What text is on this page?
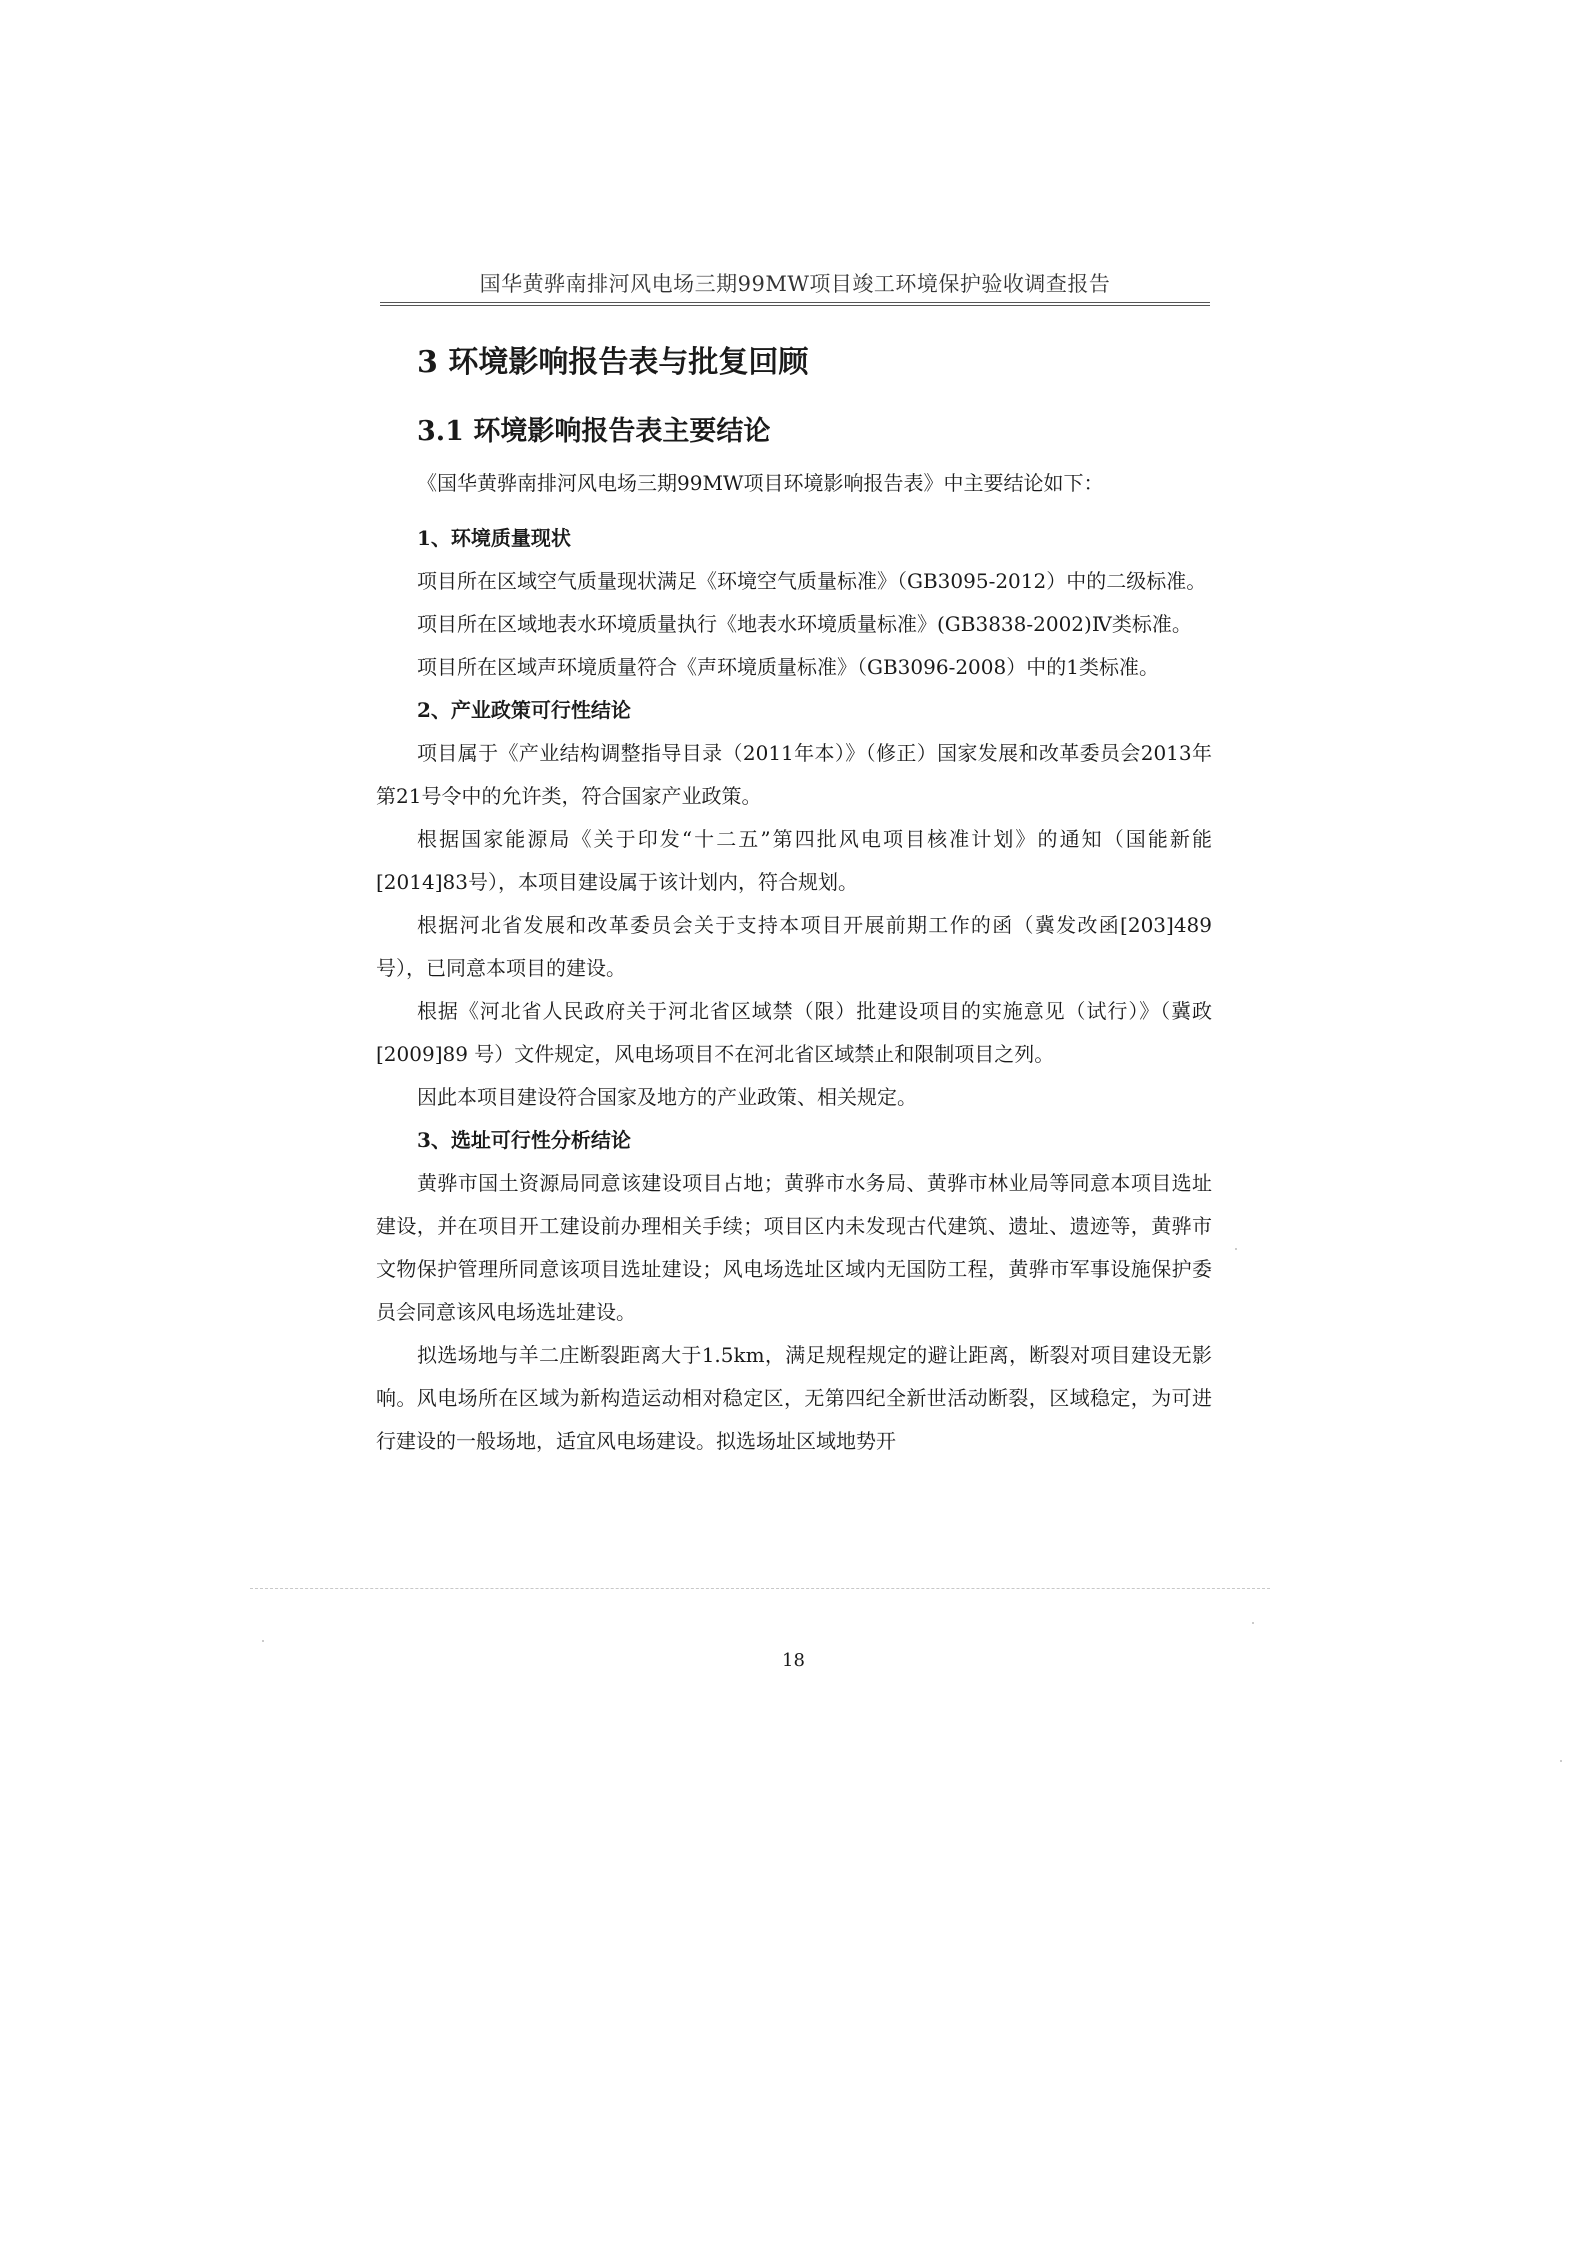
国华黄骅南排河风电场三期99MW项目竣工环境保护验收调查报告
3 环境影响报告表与批复回顾
3.1 环境影响报告表主要结论

《国华黄骅南排河风电场三期99MW项目环境影响报告表》中主要结论如下：

1、环境质量现状

项目所在区域空气质量现状满足《环境空气质量标准》（GB3095-2012）中的二级标准。

项目所在区域地表水环境质量执行《地表水环境质量标准》(GB3838-2002)Ⅳ类标准。

项目所在区域声环境质量符合《声环境质量标准》（GB3096-2008）中的1类标准。

2、产业政策可行性结论

项目属于《产业结构调整指导目录（2011年本）》（修正）国家发展和改革委员会2013年第21号令中的允许类，符合国家产业政策。

根据国家能源局《关于印发“十二五”第四批风电项目核准计划》的通知（国能新能[2014]83号），本项目建设属于该计划内，符合规划。

根据河北省发展和改革委员会关于支持本项目开展前期工作的函（冀发改函[203]489号），已同意本项目的建设。

根据《河北省人民政府关于河北省区域禁（限）批建设项目的实施意见（试行）》（冀政[2009]89 号）文件规定，风电场项目不在河北省区域禁止和限制项目之列。

因此本项目建设符合国家及地方的产业政策、相关规定。

3、选址可行性分析结论

黄骅市国土资源局同意该建设项目占地；黄骅市水务局、黄骅市林业局等同意本项目选址建设，并在项目开工建设前办理相关手续；项目区内未发现古代建筑、遗址、遗迹等，黄骅市文物保护管理所同意该项目选址建设；风电场选址区域内无国防工程，黄骅市军事设施保护委员会同意该风电场选址建设。

拟选场地与羊二庄断裂距离大于1.5km，满足规程规定的避让距离，断裂对项目建设无影响。风电场所在区域为新构造运动相对稳定区，无第四纪全新世活动断裂，区域稳定，为可进行建设的一般场地，适宜风电场建设。拟选场址区域地势开

18
